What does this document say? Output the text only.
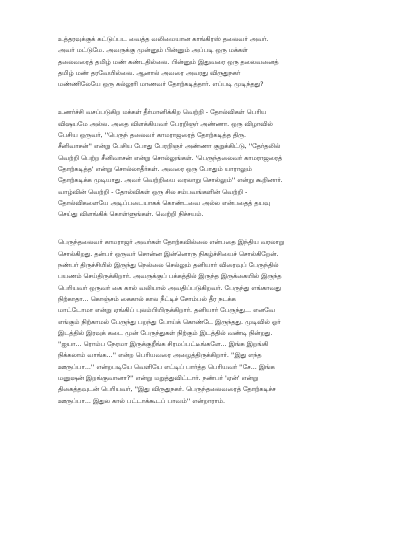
உத்தரவுக்குக் கட்டுப்பட வைத்த வலிமையான காங்கிரஸ் தலைவர் அவர்.
அவர் மட்டுமே. அவருக்கு முன்னும் பின்னும் அப்படி ஒரு மக்கள்
தலைவரைத் தமிழ் மண் கண்டதில்லை. பின்னும் இதுவரை ஒரு தலைவனைத்
தமிழ் மண் தரவேயில்லை. ஆனால் அவரை அவரது விருதுநகர்
மண்ணிலேயே ஒரு கல்லூரி மாணவர் தோற்கடித்தார். எப்படி முடிந்தது?
உணர்ச்சி வசப்படுகிற மக்கள் தீர்மானிக்கிற வெற்றி - தோல்விகள் பெரிய
விஷயமே அல்ல. அதை விளக்கியவர் பேரறிஞர் அண்ணா. ஒரு விழாவில்
பேசிய ஒருவர், ''பெருந் தலைவர் காமராஜரைத் தோற்கடித்த திரு.
சீனிவாசன்'' என்று பேசிய போது பேரறிஞர் அண்ணா குறுக்கிட்டு, ''தேர்தலில்
வெற்றி பெற்ற சீனிவாசன் என்று சொல்லுங்கள். 'பெருந்தலைவர் காமராஜரைத்
தோற்கடித்த' என்று சொல்லாதீர்கள். அவரை ஒரு போதும் யாராலும்
தோற்கடிக்க முடியாது. அவர் வெற்றியை வரலாறு சொல்லும்'' என்று கூறினார்.
வாழ்வின் வெற்றி - தோல்விகள் ஒரு சில சம்பவங்களின் வெற்றி -
தோல்விகளையே அடிப்படையாகக் கொண்டவை அல்ல என்பதைத் தயவு
செய்து விளங்கிக் கொள்ளுங்கள். வெற்றி நிச்சயம்.
பெருந்தலைவர் காமராஜர் அவர்கள் தோற்கவில்லை என்பதை இந்திய வரலாறு
சொல்கிறது. தன்பர் ஒருவர் சொன்ன இன்னொரு நிகழ்ச்சியைச் சொல்கிறேன்.
நண்பர் திருச்சியில் இருந்து நெல்லை செல்லும் தனியார் விரைவுப் பேருந்தில்
பயணம் செய்திருக்கிறார். அவருக்குப் பக்கத்தில் இருந்த இருக்கையில் இருந்த
பெரியவர் ஒருவர் கை கால் வலியால் அவதிப்படுகிறவர். பேருந்து எங்காவது
நிற்காதா... கொஞ்சம் கைகால் கால நீட்டிச் சோம்பல் தீர நடக்க
மாட்டோமா என்று ஏங்கிப் புலம்பியிருக்கிறார். தனியார் பேருந்து... எனவே
எங்கும் நிற்காமல் பேருந்து பறந்து போய்க் கொண்டே இருந்தது. முடிவில் ஓர்
இடத்தில் இரவுக் கடை முன் பேருந்துகள் நிற்கும் இடத்தில் வண்டி நின்றது.
''ஐயா... ரொம்ப நேரமா இருக்குறீங்க சிரமப்பட்டீங்களே... இங்க இறங்கி
நிக்கலாம் வாங்க...'' என்ற பெரியவரை அழைத்திருக்கிறார். ''இது எந்த
ஊருப்பா...'' என்றபடியே வெளியே எட்டிப் பார்த்த பெரியவர் ''சே... இங்க
மனுஷன் இறங்குவானா?'' என்று மறுத்துவிட்டார். நண்பர் 'ஏன்' என்று
திகைத்தவுடன் பெரியவர், ''இது விருதுநகர். பெருந்தலைவரைத் தோற்கடிச்ச
ஊருப்பா... இதுல கால் பட்டாக்கூடப் பாவம்'' என்றாராம்.
